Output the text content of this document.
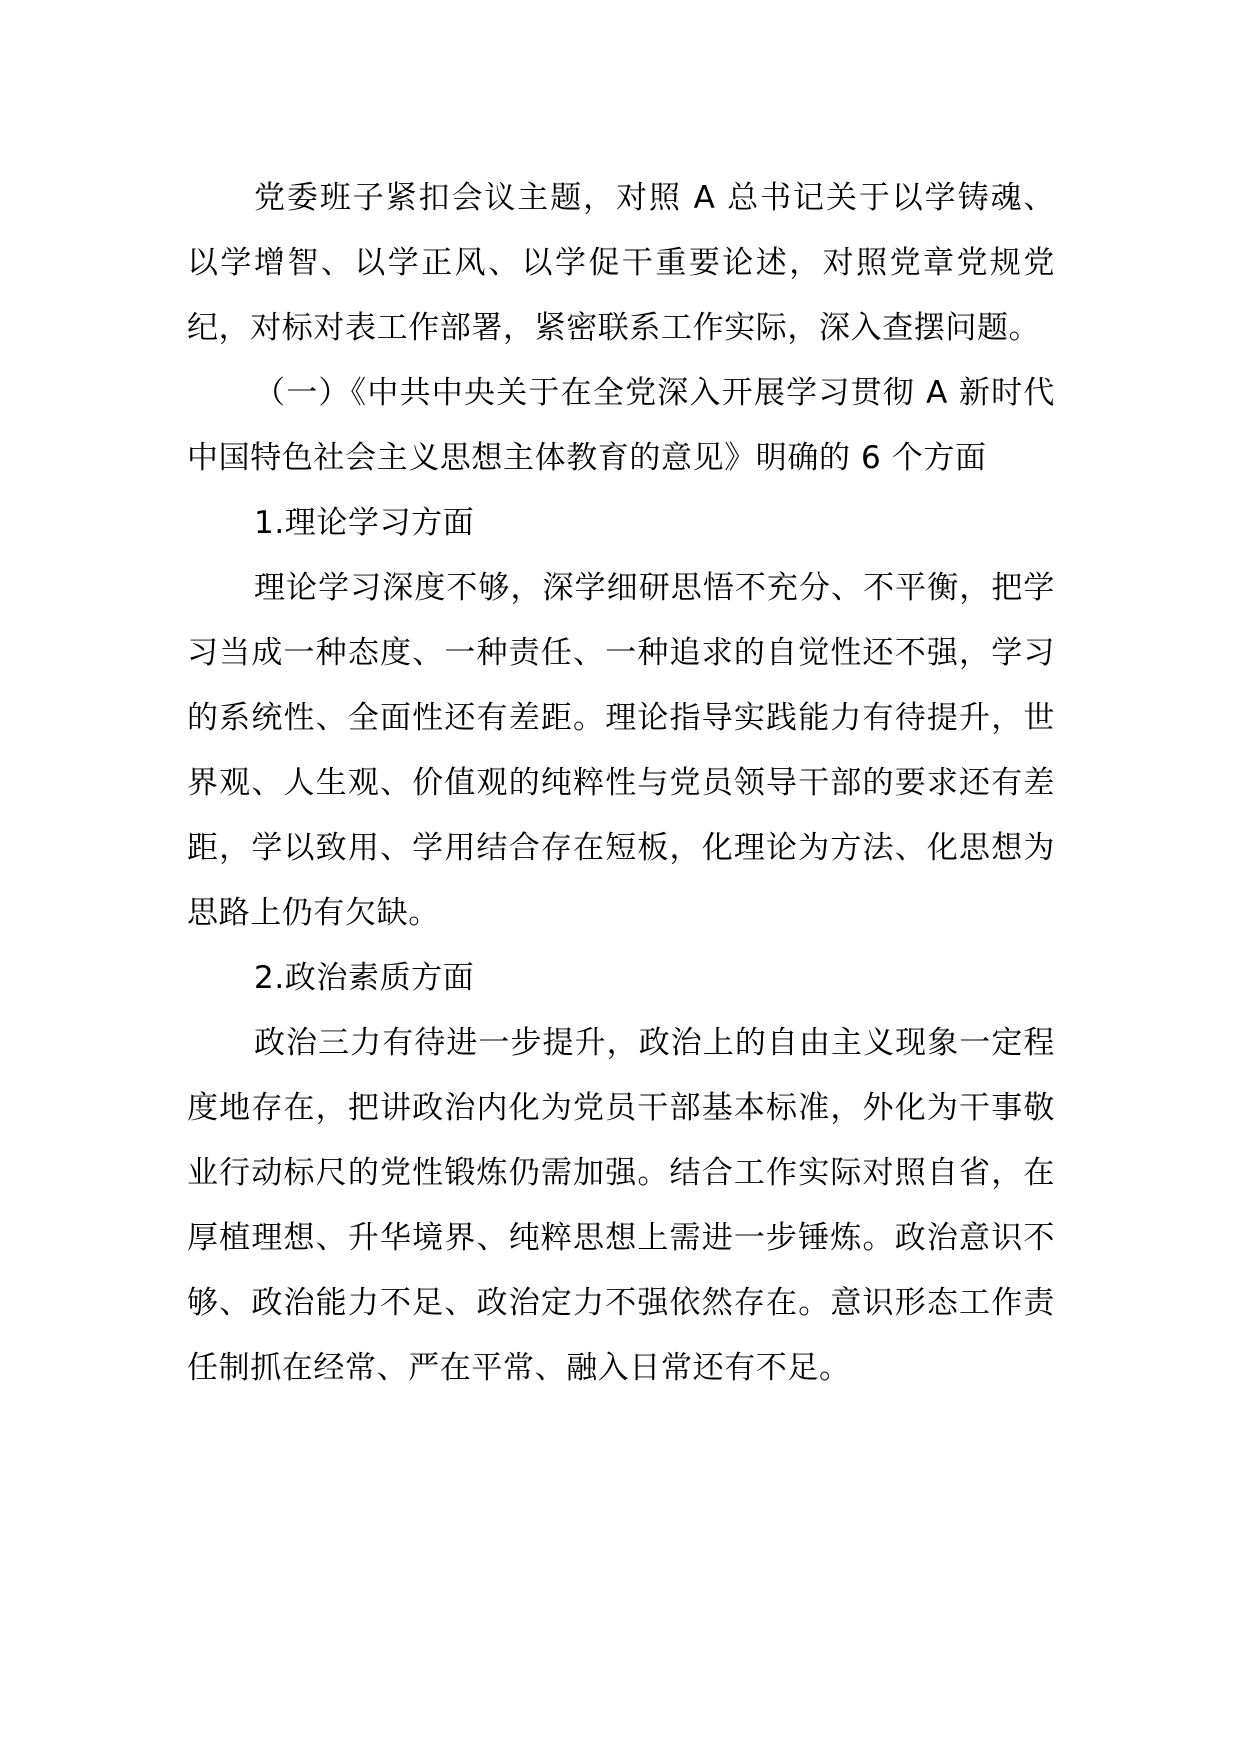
党委班子紧扣会议主题，对照 A 总书记关于以学铸魂、以学增智、以学正风、以学促干重要论述，对照党章党规党纪，对标对表工作部署，紧密联系工作实际，深入查摆问题。

（一）《中共中央关于在全党深入开展学习贯彻 A 新时代中国特色社会主义思想主体教育的意见》明确的 6 个方面

1.理论学习方面

理论学习深度不够，深学细研思悟不充分、不平衡，把学习当成一种态度、一种责任、一种追求的自觉性还不强，学习的系统性、全面性还有差距。理论指导实践能力有待提升，世界观、人生观、价值观的纯粹性与党员领导干部的要求还有差距，学以致用、学用结合存在短板，化理论为方法、化思想为思路上仍有欠缺。

2.政治素质方面

政治三力有待进一步提升，政治上的自由主义现象一定程度地存在，把讲政治内化为党员干部基本标准，外化为干事敬业行动标尺的党性锻炼仍需加强。结合工作实际对照自省，在厚植理想、升华境界、纯粹思想上需进一步锤炼。政治意识不够、政治能力不足、政治定力不强依然存在。意识形态工作责任制抓在经常、严在平常、融入日常还有不足。
